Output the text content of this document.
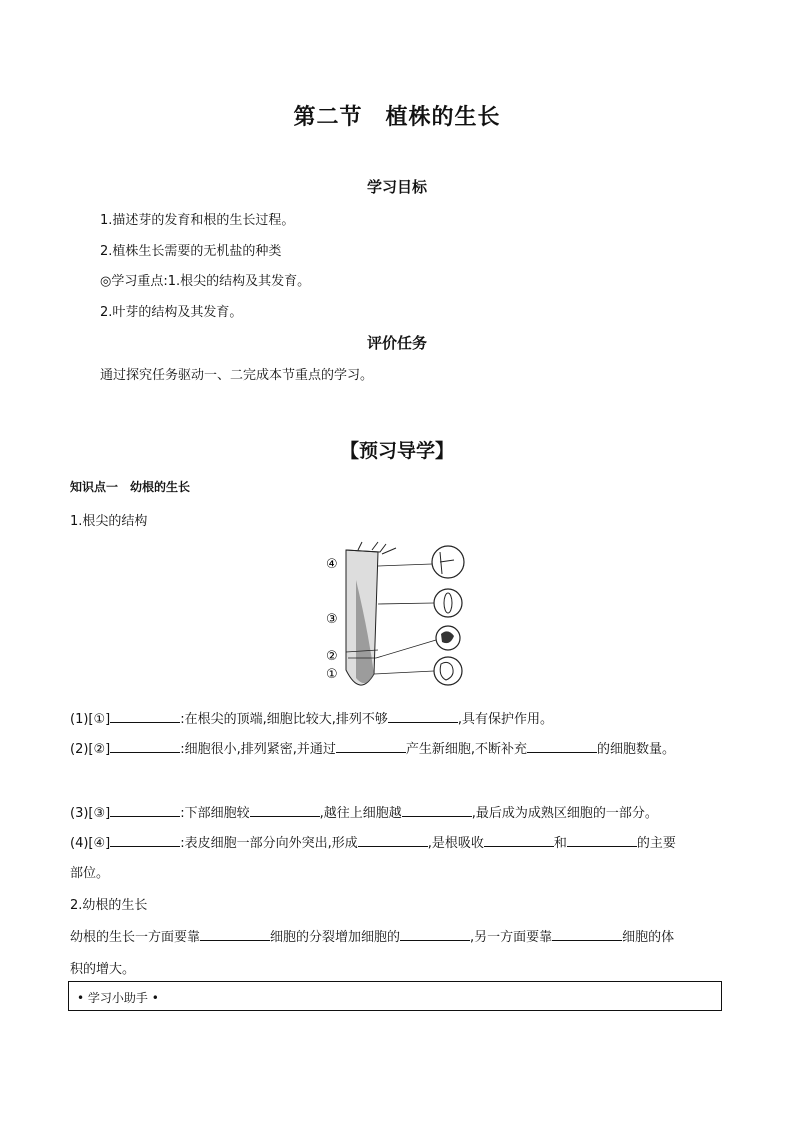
第二节　植株的生长
学习目标
1.描述芽的发育和根的生长过程。
2.植株生长需要的无机盐的种类
◎学习重点:1.根尖的结构及其发育。
2.叶芽的结构及其发育。
评价任务
通过探究任务驱动一、二完成本节重点的学习。
【预习导学】
知识点一　幼根的生长
1.根尖的结构
④
③
②
①
(1)[①]	:在根尖的顶端,细胞比较大,排列不够	,具有保护作用。
(2)[②]	:细胞很小,排列紧密,并通过	产生新细胞,不断补充	的细胞数量。
(3)[③]	:下部细胞较	,越往上细胞越	,最后成为成熟区细胞的一部分。
(4)[④]	:表皮细胞一部分向外突出,形成	,是根吸收	和	的主要
部位。
2.幼根的生长
幼根的生长一方面要靠	细胞的分裂增加细胞的	,另一方面要靠	细胞的体
积的增大。
• 学习小助手 •
